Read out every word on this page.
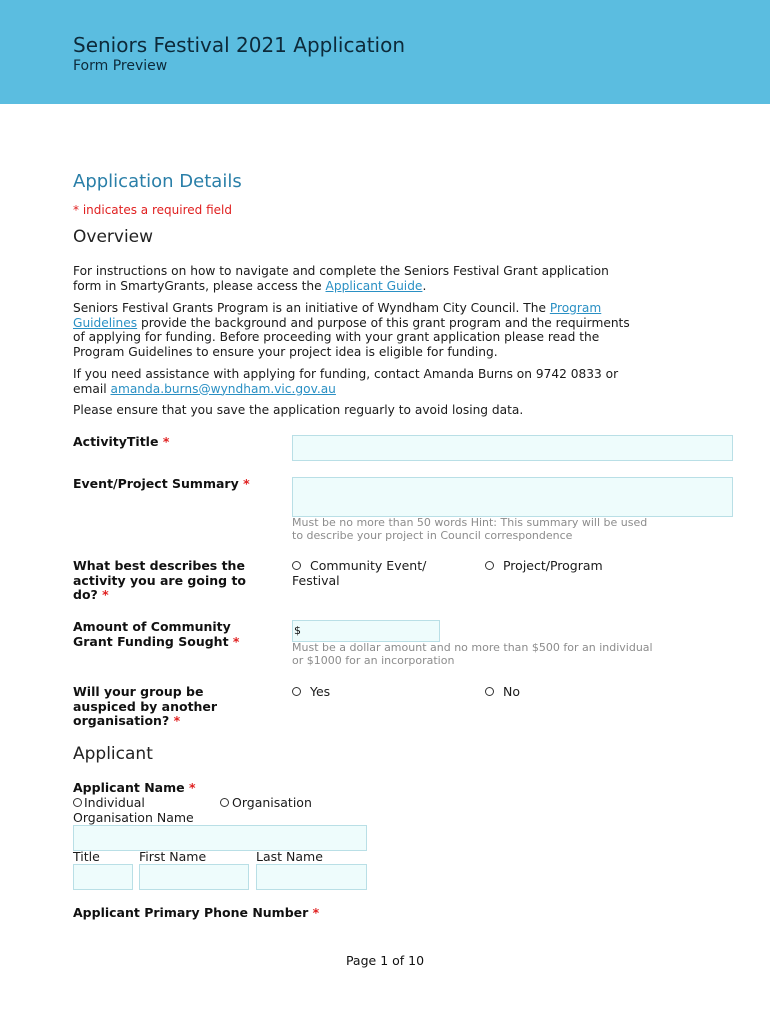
Seniors Festival 2021 Application
Form Preview
Application Details
* indicates a required field
Overview
For instructions on how to navigate and complete the Seniors Festival Grant application
form in SmartyGrants, please access the Applicant Guide.
Seniors Festival Grants Program is an initiative of Wyndham City Council. The Program
Guidelines provide the background and purpose of this grant program and the requirments
of applying for funding. Before proceeding with your grant application please read the
Program Guidelines to ensure your project idea is eligible for funding.
If you need assistance with applying for funding, contact Amanda Burns on 9742 0833 or
email amanda.burns@wyndham.vic.gov.au
Please ensure that you save the application reguarly to avoid losing data.
ActivityTitle *
Event/Project Summary *
Must be no more than 50 words Hint: This summary will be used
to describe your project in Council correspondence
What best describes the
activity you are going to
do? *
Community Event/
Festival
Project/Program
Amount of Community
Grant Funding Sought *
$
Must be a dollar amount and no more than $500 for an individual
or $1000 for an incorporation
Will your group be
auspiced by another
organisation? *
Yes	No
Applicant
Applicant Name *
Individual	Organisation
Organisation Name
Title	First Name	Last Name
Applicant Primary Phone Number *
Page 1 of 10
